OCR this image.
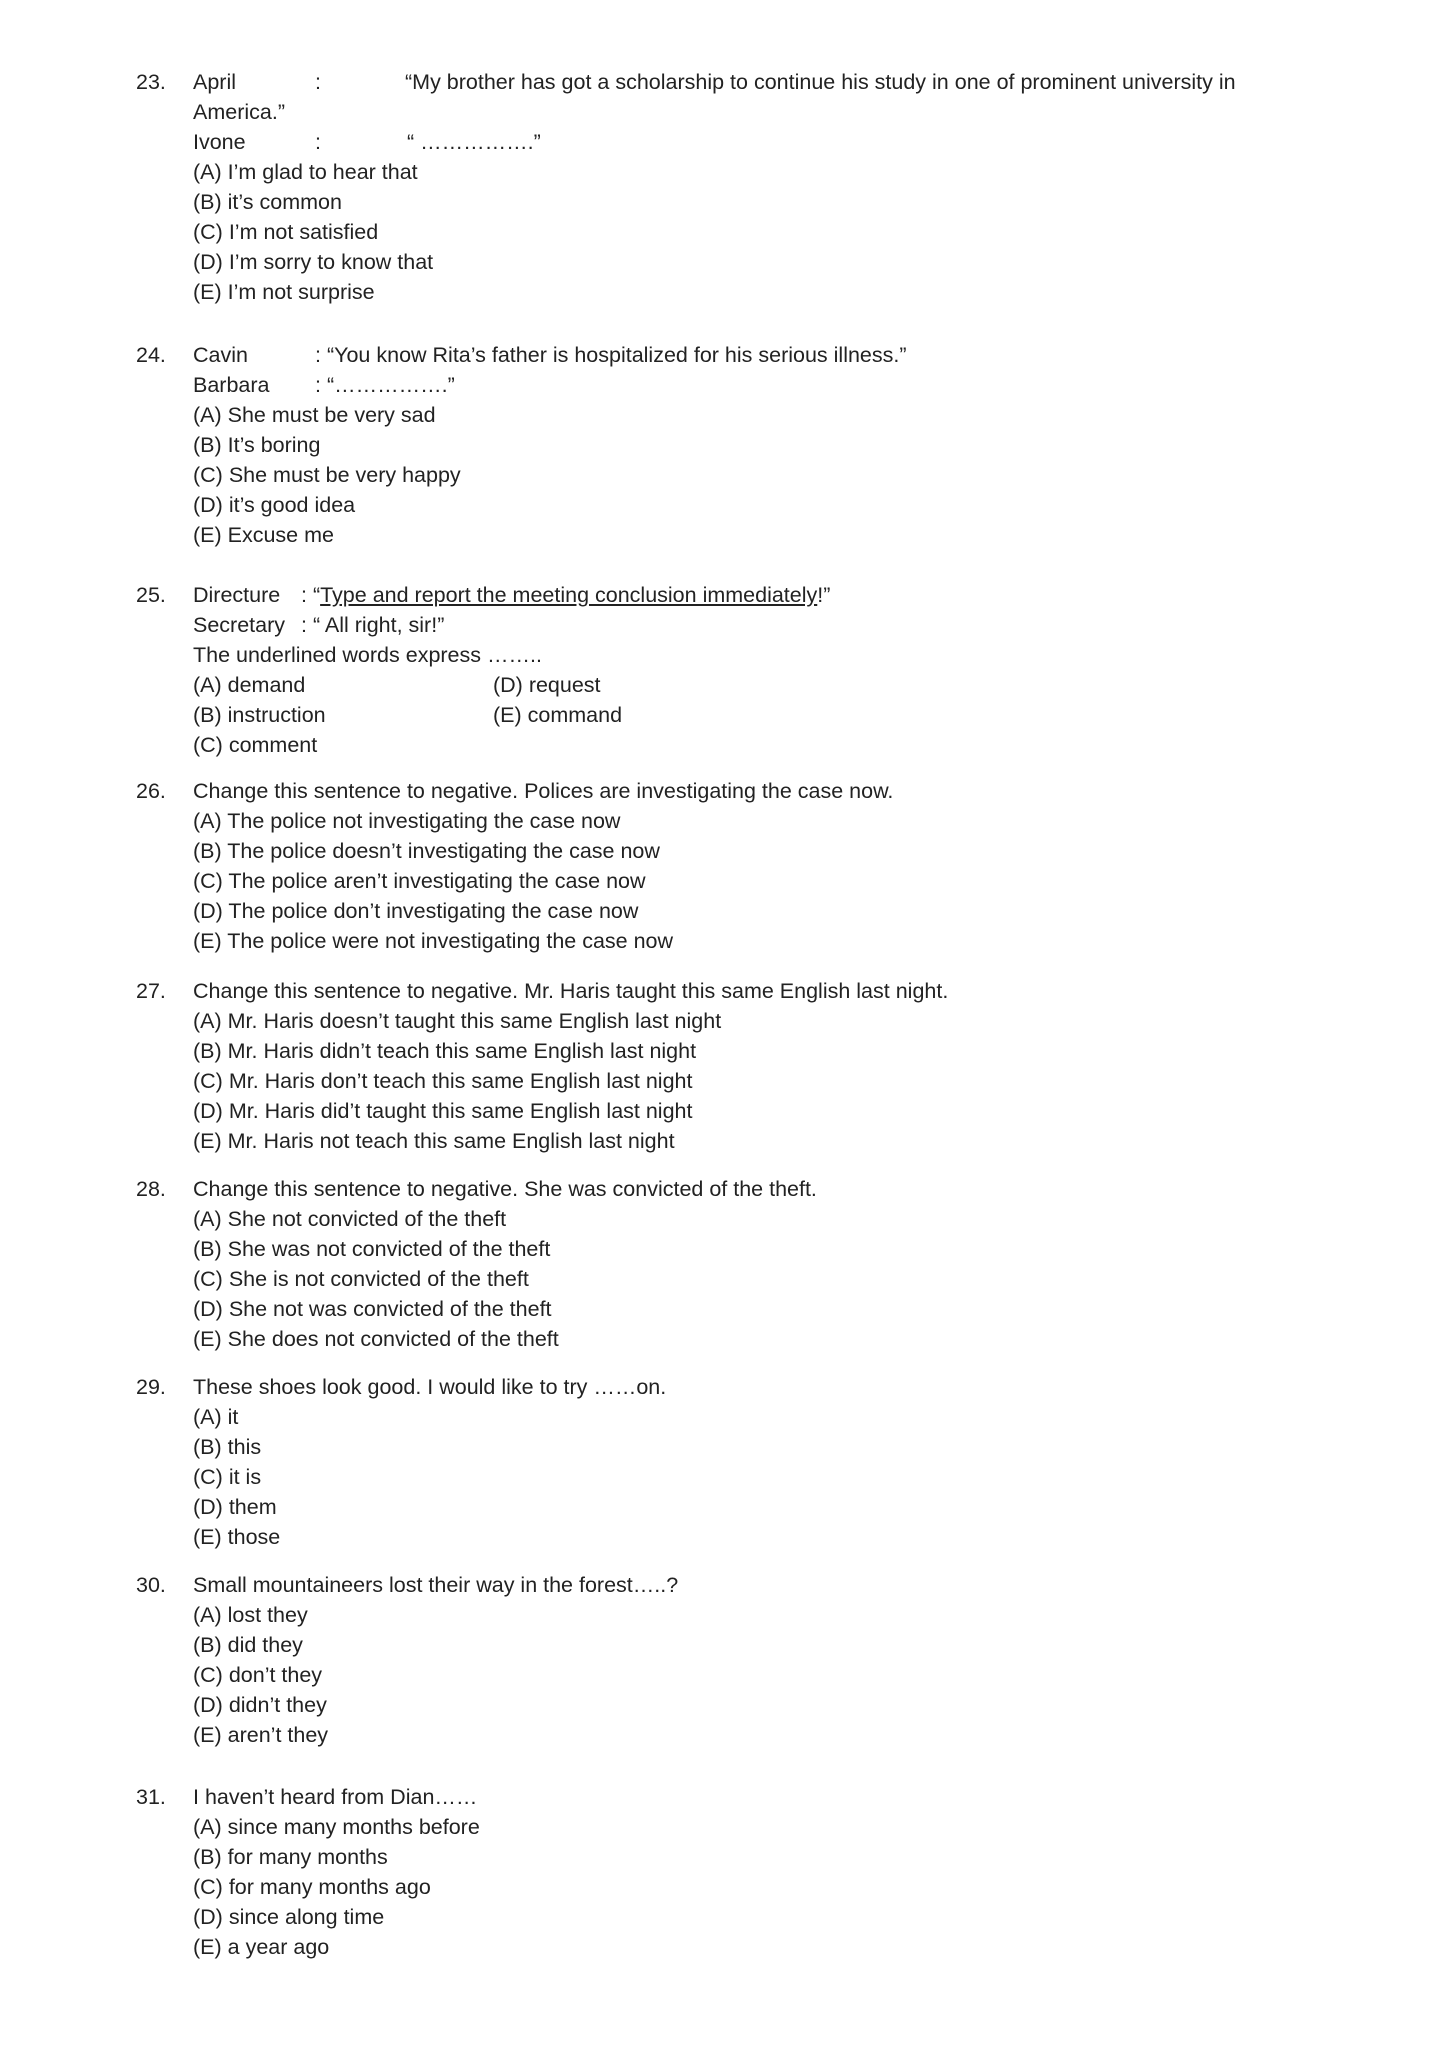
23.	April	:	“My brother has got a scholarship to continue his study in one of prominent university in
America.”
Ivone	:	“ …………….”
(A) I’m glad to hear that
(B) it’s common
(C) I’m not satisfied
(D) I’m sorry to know that
(E) I’m not surprise
24.	Cavin	: “You know Rita’s father is hospitalized for his serious illness.”
Barbara : “…………….”
(A) She must be very sad
(B) It’s boring
(C) She must be very happy
(D) it’s good idea
(E) Excuse me
25.	Directure : “Type and report the meeting conclusion immediately!”
Secretary : “ All right, sir!”
The underlined words express ……..
(A) demand	(D) request
(B) instruction	(E) command
(C) comment
26.	Change this sentence to negative. Polices are investigating the case now.
(A) The police not investigating the case now
(B) The police doesn’t investigating the case now
(C) The police aren’t investigating the case now
(D) The police don’t investigating the case now
(E) The police were not investigating the case now
27.	Change this sentence to negative. Mr. Haris taught this same English last night.
(A) Mr. Haris doesn’t taught this same English last night
(B) Mr. Haris didn’t teach this same English last night
(C) Mr. Haris don’t teach this same English last night
(D) Mr. Haris did’t taught this same English last night
(E) Mr. Haris not teach this same English last night
28.	Change this sentence to negative. She was convicted of the theft.
(A) She not convicted of the theft
(B) She was not convicted of the theft
(C) She is not convicted of the theft
(D) She not was convicted of the theft
(E) She does not convicted of the theft
29.	These shoes look good. I would like to try ……on.
(A) it
(B) this
(C) it is
(D) them
(E) those
30.	Small mountaineers lost their way in the forest…..?
(A) lost they
(B) did they
(C) don’t they
(D) didn’t they
(E) aren’t they
31.	I haven’t heard from Dian……
(A) since many months before
(B) for many months
(C) for many months ago
(D) since along time
(E) a year ago
